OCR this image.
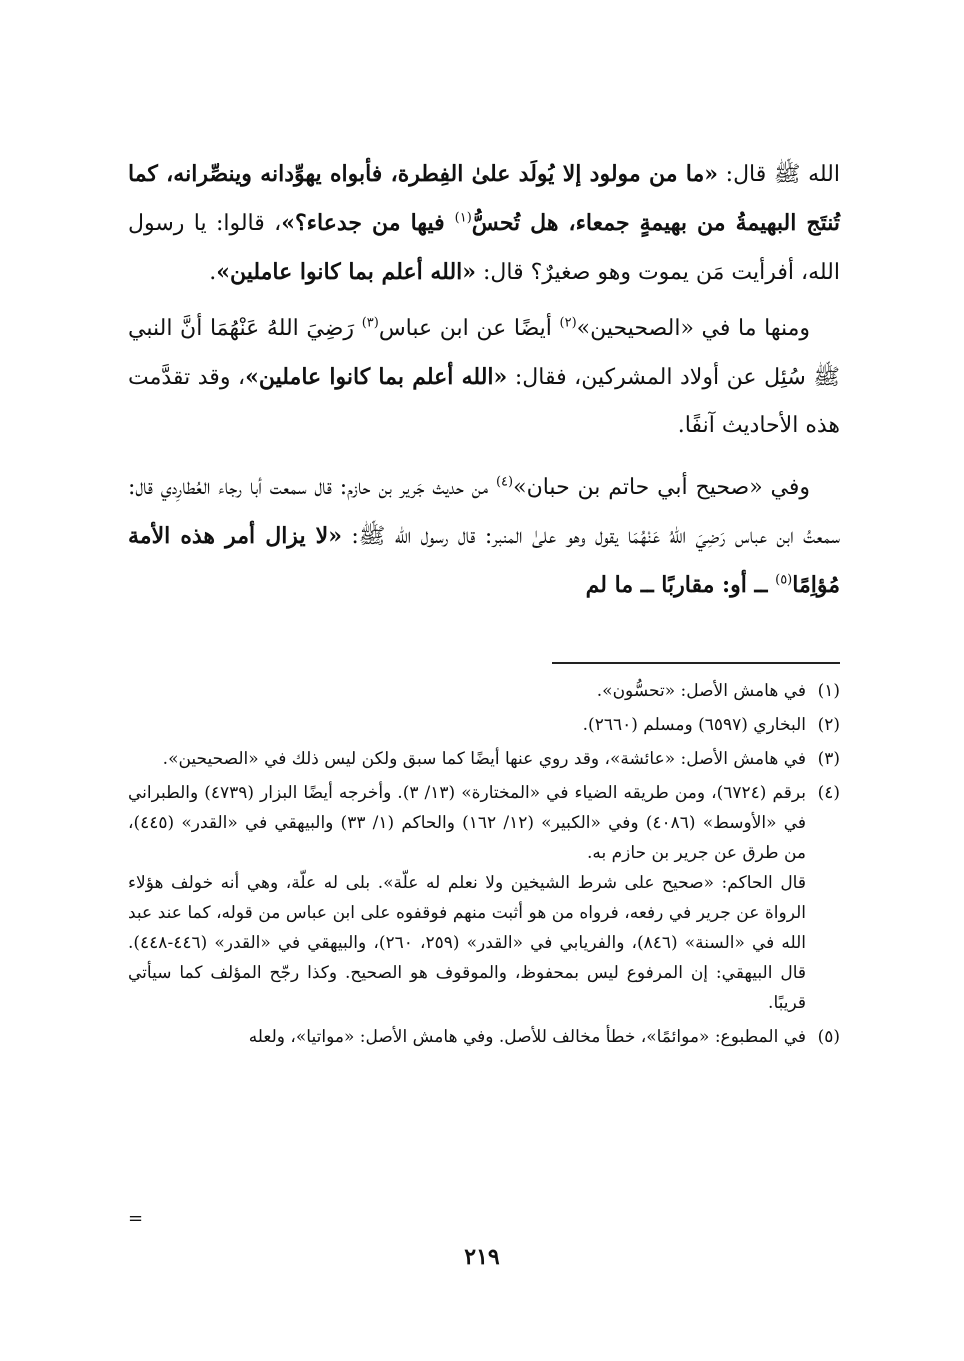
الله ﷺ قال: «ما من مولود إلا يُولَد علىٰ الفِطرة، فأبواه يهوِّدانه وينصِّرانه، كما تُنتَج البهيمةُ من بهيمةٍ جمعاء، هل تُحسُّ$^{(١)}$ فيها من جدعاء؟»، قالوا: يا رسول الله، أفرأيت مَن يموت وهو صغيرٌ؟ قال: «الله أعلم بما كانوا عاملين».

ومنها ما في «الصحيحين»$^{(٢)}$ أيضًا عن ابن عباس$^{(٣)}$ رَضِيَ اللهُ عَنْهُمَا أنَّ النبي ﷺ سُئِل عن أولاد المشركين، فقال: «الله أعلم بما كانوا عاملين»، وقد تقدَّمت هذه الأحاديث آنفًا.

وفي «صحيح أبي حاتم بن حبان»$^{(٤)}$ من حديث جَرير بن حازم: قال سمعت أبا رجاء العُطارِدي قال: سمعتُ ابن عباس رَضِيَ اللهُ عَنْهُمَا يقول وهو علىٰ المنبر: قال رسول الله ﷺ: «لا يزال أمر هذه الأمة مُؤاِمًا$^{(٥)}$ ــ أو: مقاربًا ــ ما لم

(١)

في هامش الأصل: «تحسُّون».

(٢)

البخاري (٦٥٩٧) ومسلم (٢٦٦٠).

(٣)

في هامش الأصل: «عائشة»، وقد روي عنها أيضًا كما سبق ولكن ليس ذلك في «الصحيحين».

(٤)

برقم (٦٧٢٤)، ومن طريقه الضياء في «المختارة» (١٣/ ٣). وأخرجه أيضًا البزار (٤٧٣٩) والطبراني في «الأوسط» (٤٠٨٦) وفي «الكبير» (١٢/ ١٦٢) والحاكم (١/ ٣٣) والبيهقي في «القدر» (٤٤٥)، من طرق عن جرير بن حازم به.

قال الحاكم: «صحيح على شرط الشيخين ولا نعلم له علّة». بلى له علّة، وهي أنه خولف هؤلاء الرواة عن جرير في رفعه، فرواه من هو أثبت منهم فوقفوه على ابن عباس من قوله، كما عند عبد الله في «السنة» (٨٤٦)، والفريابي في «القدر» (٢٥٩، ٢٦٠)، والبيهقي في «القدر» (٤٤٦-٤٤٨). قال البيهقي: إن المرفوع ليس بمحفوظ، والموقوف هو الصحيح. وكذا رجّح المؤلف كما سيأتي قريبًا.

(٥)

في المطبوع: «موائمًا»، خطأ مخالف للأصل. وفي هامش الأصل: «مواتيا»، ولعله

=
٢١٩
